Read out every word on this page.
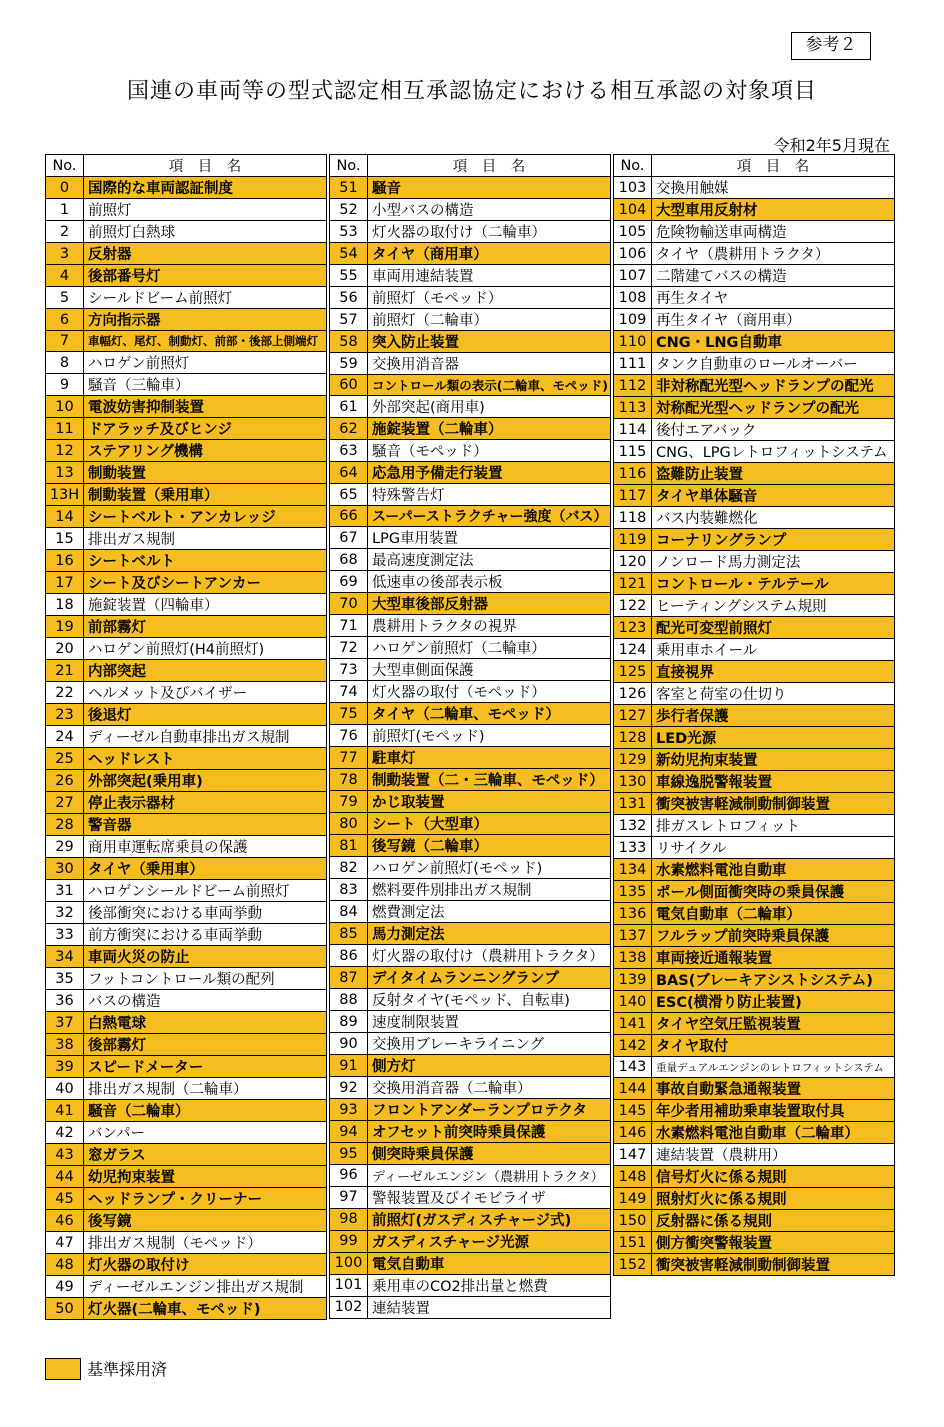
参考２
国連の車両等の型式認定相互承認協定における相互承認の対象項目
令和2年5月現在
No.	項　目　名
0	国際的な車両認証制度
1	前照灯
2	前照灯白熱球
3	反射器
4	後部番号灯
5	シールドビーム前照灯
6	方向指示器
7	車幅灯、尾灯、制動灯、前部・後部上側端灯
8	ハロゲン前照灯
9	騒音（三輪車）
10	電波妨害抑制装置
11	ドアラッチ及びヒンジ
12	ステアリング機構
13	制動装置
13H	制動装置（乗用車）
14	シートベルト・アンカレッジ
15	排出ガス規制
16	シートベルト
17	シート及びシートアンカー
18	施錠装置（四輪車）
19	前部霧灯
20	ハロゲン前照灯(H4前照灯)
21	内部突起
22	ヘルメット及びバイザー
23	後退灯
24	ディーゼル自動車排出ガス規制
25	ヘッドレスト
26	外部突起(乗用車)
27	停止表示器材
28	警音器
29	商用車運転席乗員の保護
30	タイヤ（乗用車）
31	ハロゲンシールドビーム前照灯
32	後部衝突における車両挙動
33	前方衝突における車両挙動
34	車両火災の防止
35	フットコントロール類の配列
36	バスの構造
37	白熱電球
38	後部霧灯
39	スピードメーター
40	排出ガス規制（二輪車）
41	騒音（二輪車）
42	バンパー
43	窓ガラス
44	幼児拘束装置
45	ヘッドランプ・クリーナー
46	後写鏡
47	排出ガス規制（モペッド）
48	灯火器の取付け
49	ディーゼルエンジン排出ガス規制
50	灯火器(二輪車、モペッド)
No.	項　目　名
51	騒音
52	小型バスの構造
53	灯火器の取付け（二輪車）
54	タイヤ（商用車）
55	車両用連結装置
56	前照灯（モペッド）
57	前照灯（二輪車）
58	突入防止装置
59	交換用消音器
60	コントロール類の表示(二輪車、モペッド)
61	外部突起(商用車)
62	施錠装置（二輪車）
63	騒音（モペッド）
64	応急用予備走行装置
65	特殊警告灯
66	スーパーストラクチャー強度（バス）
67	LPG車用装置
68	最高速度測定法
69	低速車の後部表示板
70	大型車後部反射器
71	農耕用トラクタの視界
72	ハロゲン前照灯（二輪車）
73	大型車側面保護
74	灯火器の取付（モペッド）
75	タイヤ（二輪車、モペッド）
76	前照灯(モペッド)
77	駐車灯
78	制動装置（二・三輪車、モペッド）
79	かじ取装置
80	シート（大型車）
81	後写鏡（二輪車）
82	ハロゲン前照灯(モペッド)
83	燃料要件別排出ガス規制
84	燃費測定法
85	馬力測定法
86	灯火器の取付け（農耕用トラクタ）
87	デイタイムランニングランプ
88	反射タイヤ(モペッド、自転車)
89	速度制限装置
90	交換用ブレーキライニング
91	側方灯
92	交換用消音器（二輪車）
93	フロントアンダーランプロテクタ
94	オフセット前突時乗員保護
95	側突時乗員保護
96	ディーゼルエンジン（農耕用トラクタ）
97	警報装置及びイモビライザ
98	前照灯(ガスディスチャージ式)
99	ガスディスチャージ光源
100	電気自動車
101	乗用車のCO2排出量と燃費
102	連結装置
No.	項　目　名
103	交換用触媒
104	大型車用反射材
105	危険物輸送車両構造
106	タイヤ（農耕用トラクタ）
107	二階建てバスの構造
108	再生タイヤ
109	再生タイヤ（商用車）
110	CNG・LNG自動車
111	タンク自動車のロールオーバー
112	非対称配光型ヘッドランプの配光
113	対称配光型ヘッドランプの配光
114	後付エアバック
115	CNG、LPGレトロフィットシステム
116	盗難防止装置
117	タイヤ単体騒音
118	バス内装難燃化
119	コーナリングランプ
120	ノンロード馬力測定法
121	コントロール・テルテール
122	ヒーティングシステム規則
123	配光可変型前照灯
124	乗用車ホイール
125	直接視界
126	客室と荷室の仕切り
127	歩行者保護
128	LED光源
129	新幼児拘束装置
130	車線逸脱警報装置
131	衝突被害軽減制動制御装置
132	排ガスレトロフィット
133	リサイクル
134	水素燃料電池自動車
135	ポール側面衝突時の乗員保護
136	電気自動車（二輪車）
137	フルラップ前突時乗員保護
138	車両接近通報装置
139	BAS(ブレーキアシストシステム)
140	ESC(横滑り防止装置)
141	タイヤ空気圧監視装置
142	タイヤ取付
143	重量デュアルエンジンのレトロフィットシステム
144	事故自動緊急通報装置
145	年少者用補助乗車装置取付具
146	水素燃料電池自動車（二輪車）
147	連結装置（農耕用）
148	信号灯火に係る規則
149	照射灯火に係る規則
150	反射器に係る規則
151	側方衝突警報装置
152	衝突被害軽減制動制御装置
基準採用済
